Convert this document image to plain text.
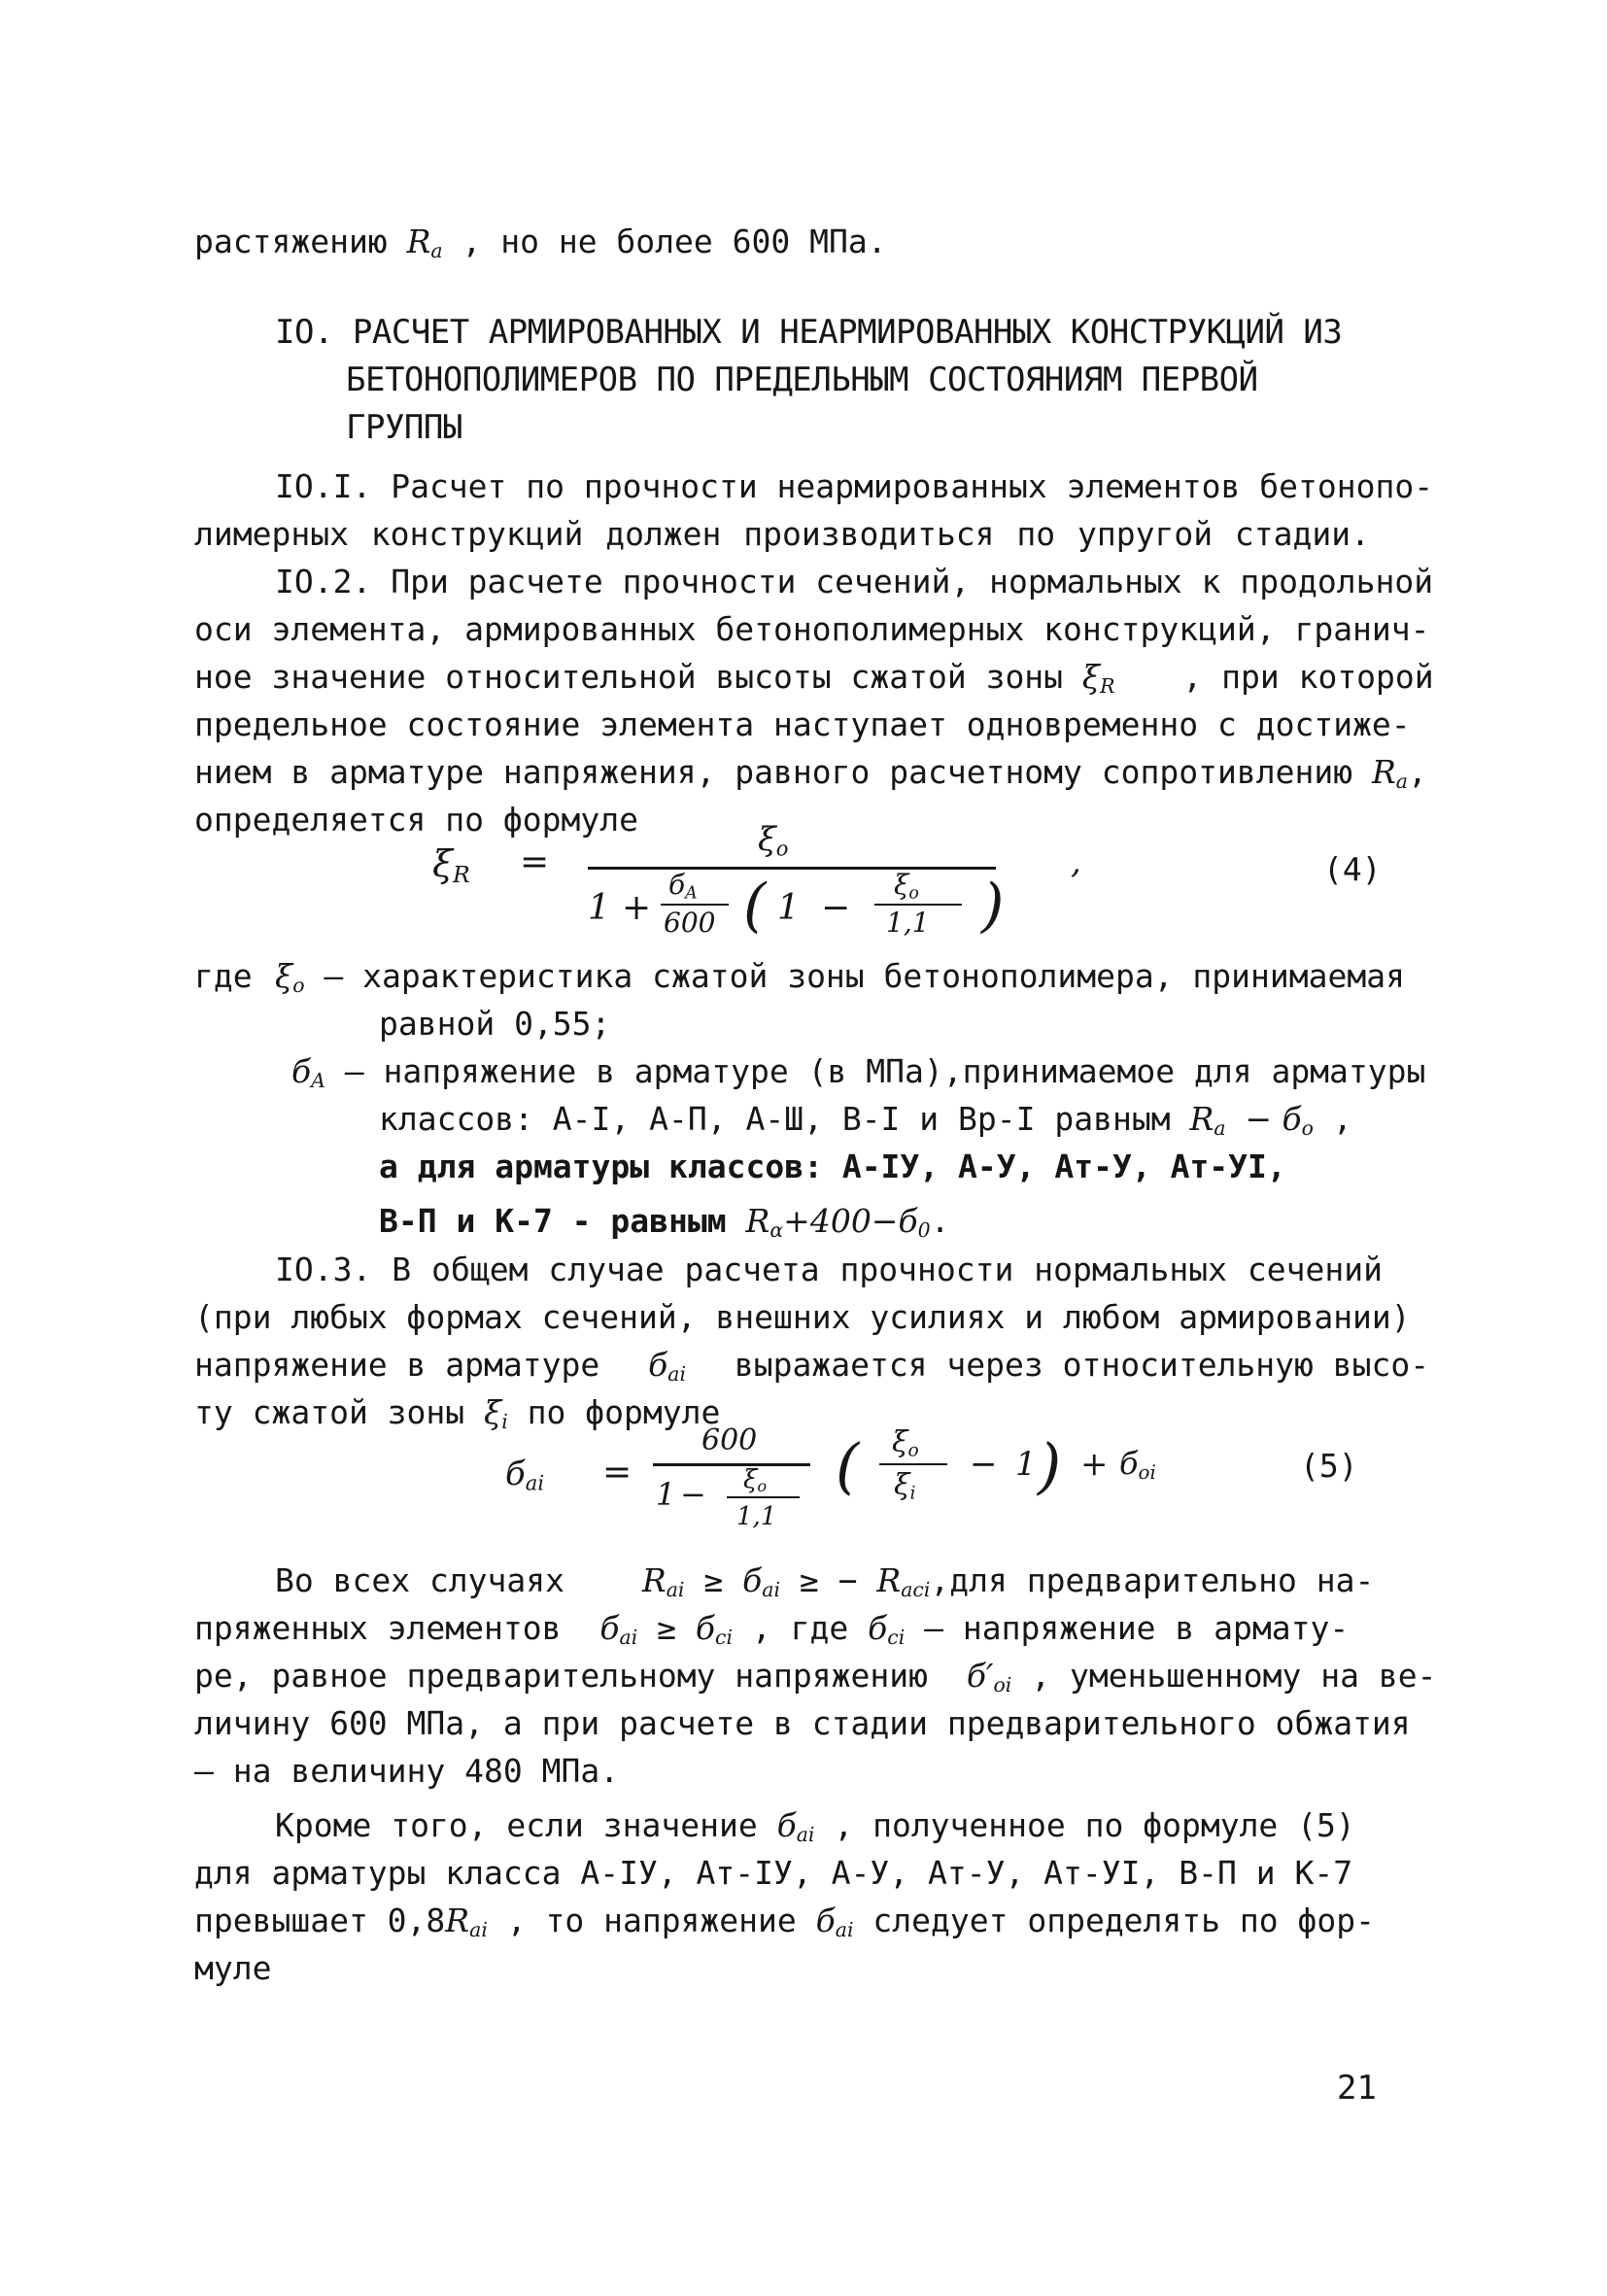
растяжению $R_a$ , но не более 600 МПа.
IO. РАСЧЕТ АРМИРОВАННЫХ И НЕАРМИРОВАННЫХ КОНСТРУКЦИЙ ИЗ
БЕТОНОПОЛИМЕРОВ ПО ПРЕДЕЛЬНЫМ СОСТОЯНИЯМ ПЕРВОЙ
ГРУППЫ
IO.I. Расчет по прочности неармированных элементов бетонопо-
лимерных конструкций должен производиться по упругой стадии.
IO.2. При расчете прочности сечений, нормальных к продольной
оси элемента, армированных бетонополимерных конструкций, гранич-
ное значение относительной высоты сжатой зоны $\xi_R$ , при которой
предельное состояние элемента наступает одновременно с достиже-
нием в арматуре напряжения, равного расчетному сопротивлению $R_a$,
определяется по формуле
$\xi_R$ =
$\xi_o$
1 +
$б_A$
600 ( 1 −
$\xi_o$
1,1 )
,	(4)
где $\xi_o$ – характеристика сжатой зоны бетонополимера, принимаемая
равной 0,55;
$б_A$ – напряжение в арматуре (в МПа),принимаемое для арматуры
классов: А-I, А-П, А-Ш, В-I и Вр-I равным $R_a - б_o$ ,
а для арматуры классов: А-IУ, А-У, Ат-У, Ат-УI,
В-П и К-7 - равным $R_\alpha+400-б_0$.
IO.3. В общем случае расчета прочности нормальных сечений
(при любых формах сечений, внешних усилиях и любом армировании)
напряжение в арматуре $б_{ai}$ выражается через относительную высо-
ту сжатой зоны $\xi_i$ по формуле
$б_{ai}$ =
600
$1 - \xi_o$
1,1
( $\xi_o$
$\xi_i$
− 1 ) + $б_{oi}$	(5)
Во всех случаях $R_{ai} \ge б_{ai}$ ≥ − $R_{aci},для$ предварительно на-
пряженных элементов $б_{ai} \ge б_{ci}$ , где $б_{ci}$ – напряжение в армату-
ре, равное предварительному напряжению $б'_{oi}$ , уменьшенному на ве-
личину 600 МПа, а при расчете в стадии предварительного обжатия
– на величину 480 МПа.
Кроме того, если значение $б_{ai}$ , полученное по формуле (5)
для арматуры класса А-IУ, Ат-IУ, А-У, Ат-У, Ат-УI, В-П и К-7
превышает $0,8R_{ai}$ , то напряжение $б_{ai}$ следует определять по фор-
муле
21
